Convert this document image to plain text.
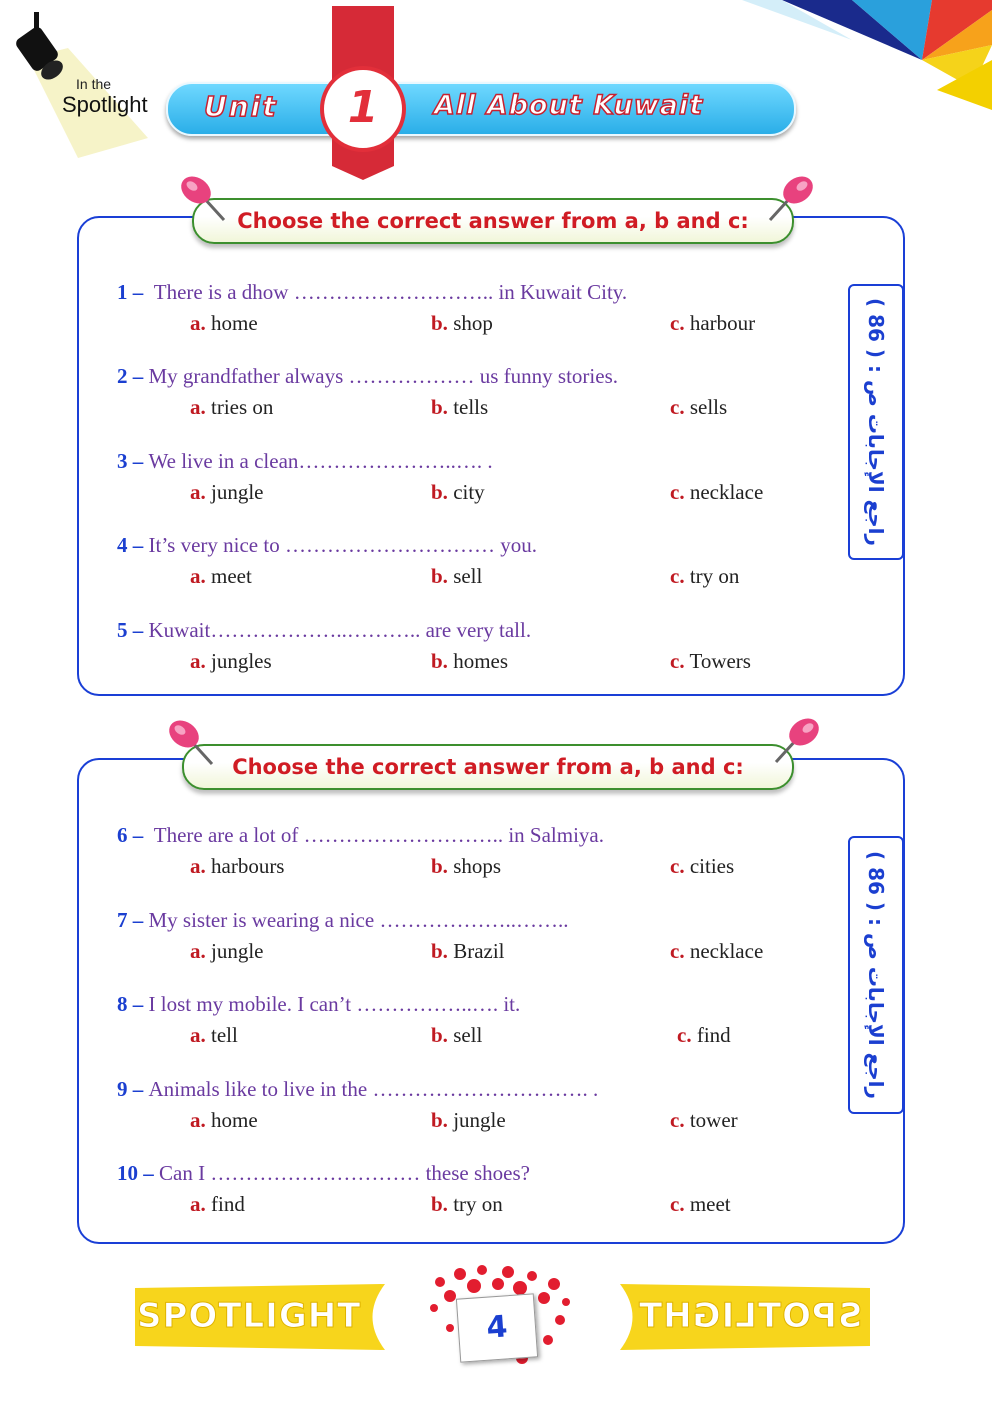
In the
Spotlight Unit	All About Kuwait
1
Choose the correct answer from a, b and c:
راجع الإجابات ص : ( 86 )
1 –  There is a dhow ……………………….. in Kuwait City.
a. home	b. shop	c. harbour
2 – My grandfather always ……………… us funny stories.
a. tries on	b. tells	c. sells
3 – We live in a clean…………………..…. .
a. jungle	b. city	c. necklace
4 – It’s very nice to ………………………… you.
a. meet	b. sell	c. try on
5 – Kuwait………………..……….. are very tall.
a. jungles	b. homes	c. Towers
Choose the correct answer from a, b and c:
راجع الإجابات ص : ( 86 )
6 –  There are a lot of ……………………….. in Salmiya.
a. harbours	b. shops	c. cities
7 – My sister is wearing a nice ………………..……..
a. jungle	b. Brazil	c. necklace
8 – I lost my mobile. I can’t ……………..…. it.
a. tell	b. sell	c. find
9 – Animals like to live in the …………………………. .
a. home	b. jungle	c. tower
10 – Can I ………………………… these shoes?
a. find	b. try on	c. meet
SPOTLIGHT	4	SPOTLIGHT
